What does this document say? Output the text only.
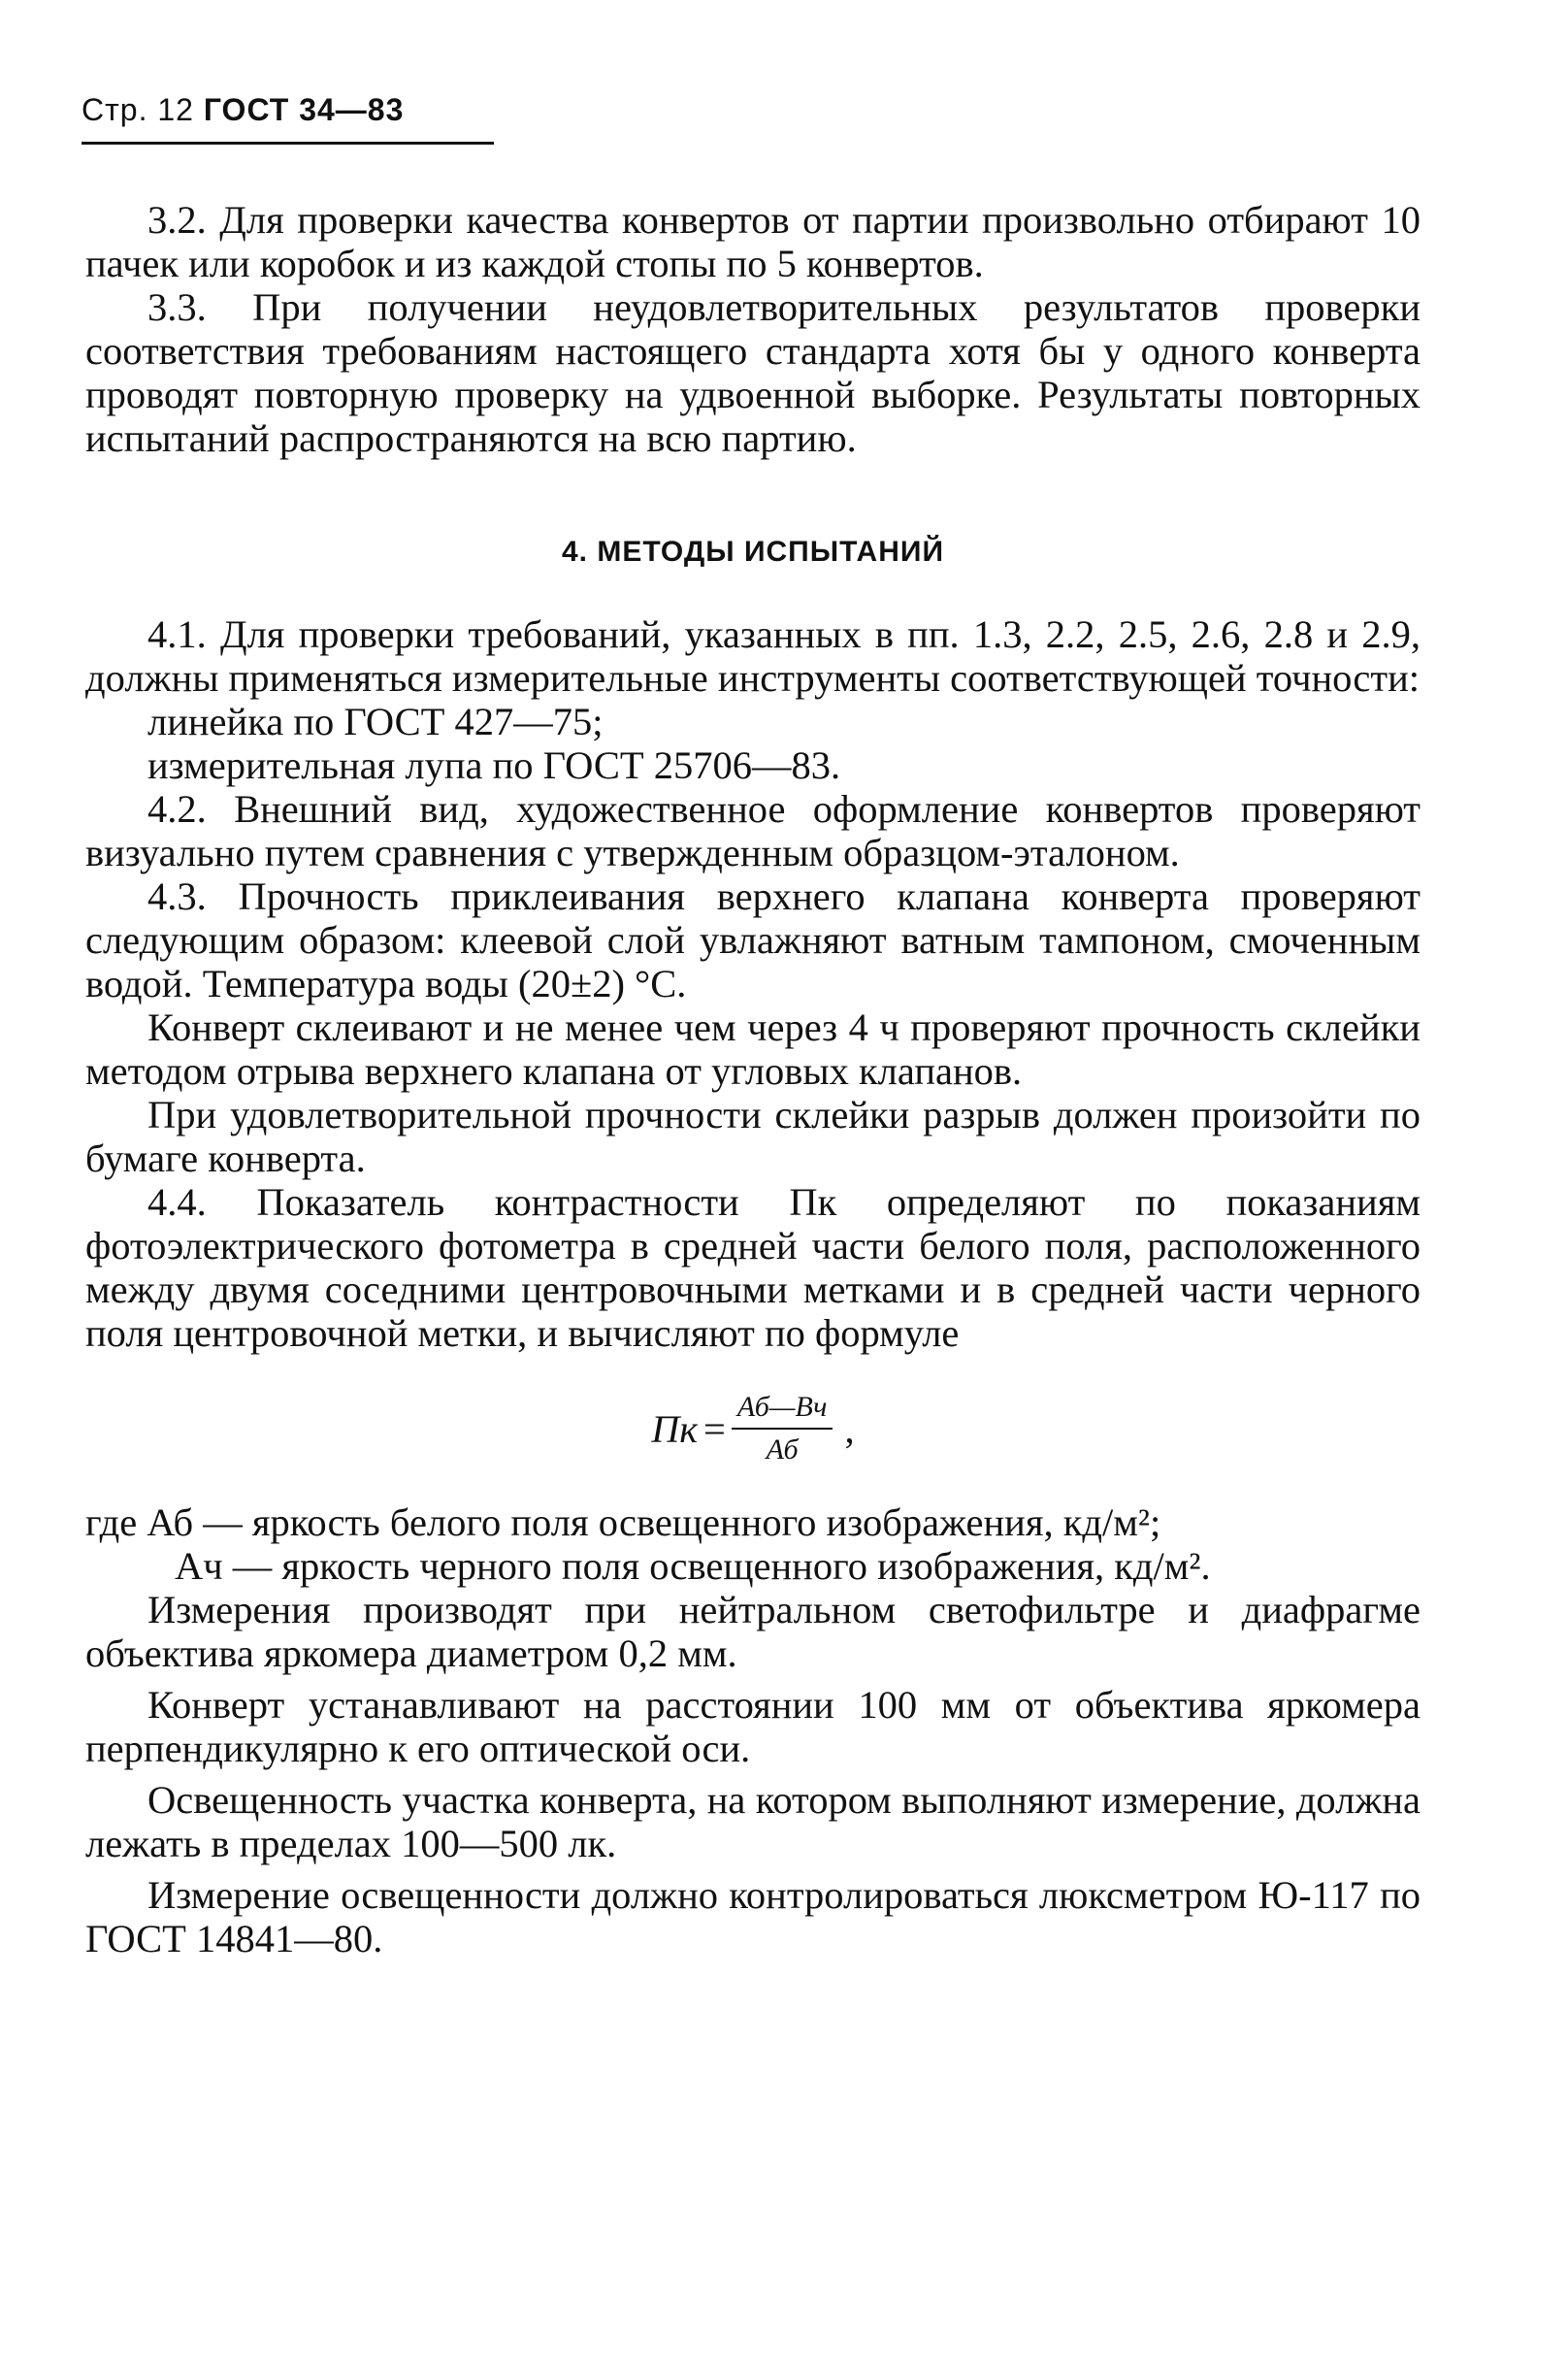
Стр. 12 ГОСТ 34—83

3.2. Для проверки качества конвертов от партии произвольно отбирают 10 пачек или коробок и из каждой стопы по 5 конвертов.

3.3. При получении неудовлетворительных результатов проверки соответствия требованиям настоящего стандарта хотя бы у одного конверта проводят повторную проверку на удвоенной выборке. Результаты повторных испытаний распространяются на всю партию.

4. МЕТОДЫ ИСПЫТАНИЙ

4.1. Для проверки требований, указанных в пп. 1.3, 2.2, 2.5, 2.6, 2.8 и 2.9, должны применяться измерительные инструменты соответствующей точности:

линейка по ГОСТ 427—75;

измерительная лупа по ГОСТ 25706—83.

4.2. Внешний вид, художественное оформление конвертов проверяют визуально путем сравнения с утвержденным образцом-эталоном.

4.3. Прочность приклеивания верхнего клапана конверта проверяют следующим образом: клеевой слой увлажняют ватным тампоном, смоченным водой. Температура воды (20±2) °С.

Конверт склеивают и не менее чем через 4 ч проверяют прочность склейки методом отрыва верхнего клапана от угловых клапанов.

При удовлетворительной прочности склейки разрыв должен произойти по бумаге конверта.

4.4. Показатель контрастности Пк определяют по показаниям фотоэлектрического фотометра в средней части белого поля, расположенного между двумя соседними центровочными метками и в средней части черного поля центровочной метки, и вычисляют по формуле

Пк = $\frac{Аб—Вч}{Аб}$ ,

где Аб — яркость белого поля освещенного изображения, кд/м²;

Ач — яркость черного поля освещенного изображения, кд/м².

Измерения производят при нейтральном светофильтре и диафрагме объектива яркомера диаметром 0,2 мм.

Конверт устанавливают на расстоянии 100 мм от объектива яркомера перпендикулярно к его оптической оси.

Освещенность участка конверта, на котором выполняют измерение, должна лежать в пределах 100—500 лк.

Измерение освещенности должно контролироваться люксметром Ю-117 по ГОСТ 14841—80.
